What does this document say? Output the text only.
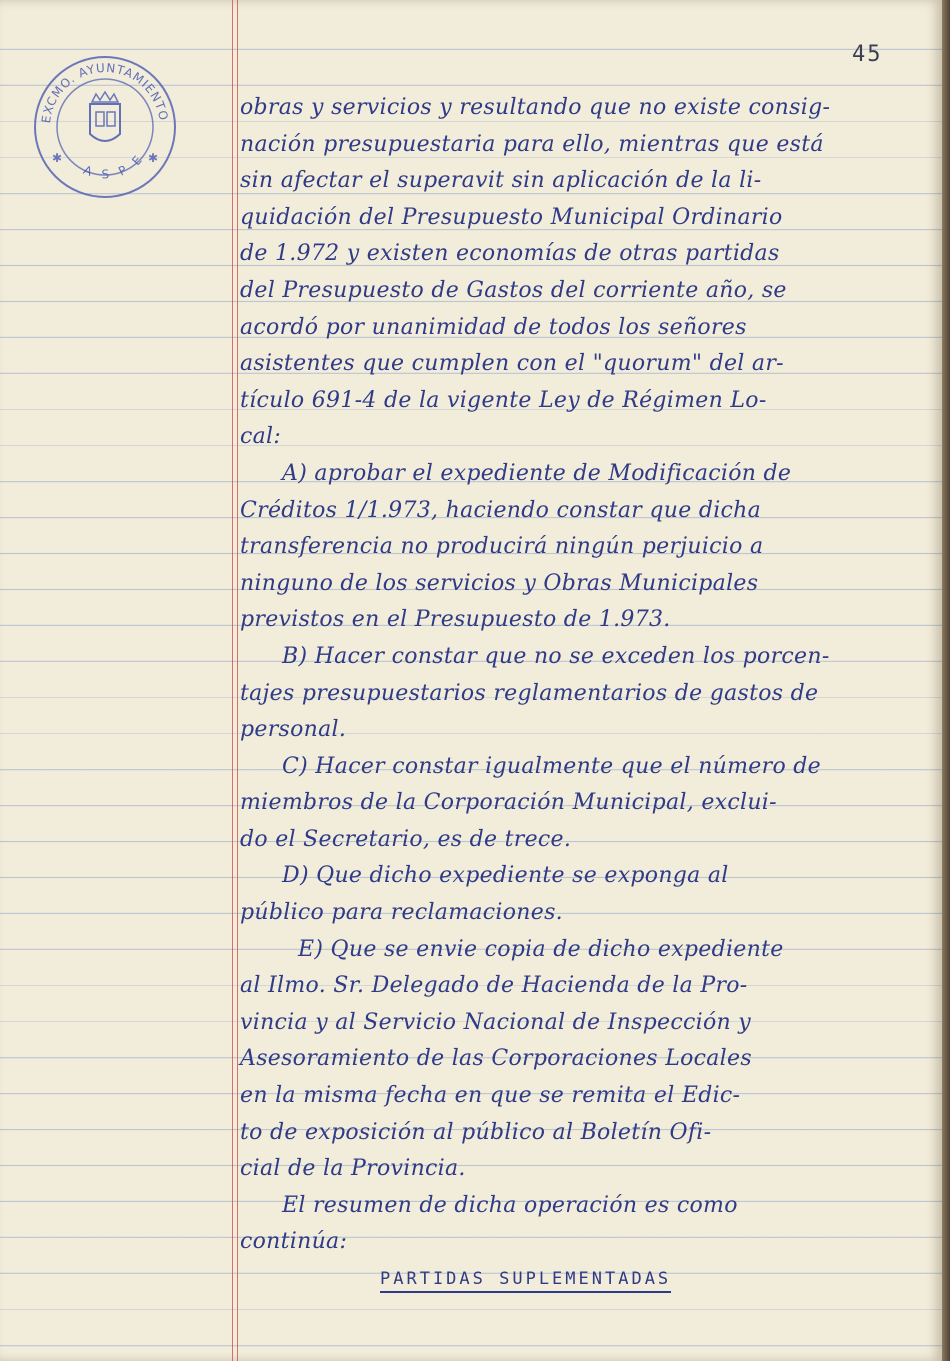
45
EXCMO. AYUNTAMIENTO
A S P E
✱	✱
obras y servicios y resultando que no existe consig-
nación presupuestaria para ello, mientras que está
sin afectar el superavit sin aplicación de la li-
quidación del Presupuesto Municipal Ordinario
de 1.972 y existen economías de otras partidas
del Presupuesto de Gastos del corriente año, se
acordó por unanimidad de todos los señores
asistentes que cumplen con el "quorum" del ar-
tículo 691-4 de la vigente Ley de Régimen Lo-
cal:
A) aprobar el expediente de Modificación de
Créditos 1/1.973, haciendo constar que dicha
transferencia no producirá ningún perjuicio a
ninguno de los servicios y Obras Municipales
previstos en el Presupuesto de 1.973.
B) Hacer constar que no se exceden los porcen-
tajes presupuestarios reglamentarios de gastos de
personal.
C) Hacer constar igualmente que el número de
miembros de la Corporación Municipal, exclui-
do el Secretario, es de trece.
D) Que dicho expediente se exponga al
público para reclamaciones.
E) Que se envie copia de dicho expediente
al Ilmo. Sr. Delegado de Hacienda de la Pro-
vincia y al Servicio Nacional de Inspección y
Asesoramiento de las Corporaciones Locales
en la misma fecha en que se remita el Edic-
to de exposición al público al Boletín Ofi-
cial de la Provincia.
El resumen de dicha operación es como
continúa:
PARTIDAS SUPLEMENTADAS
